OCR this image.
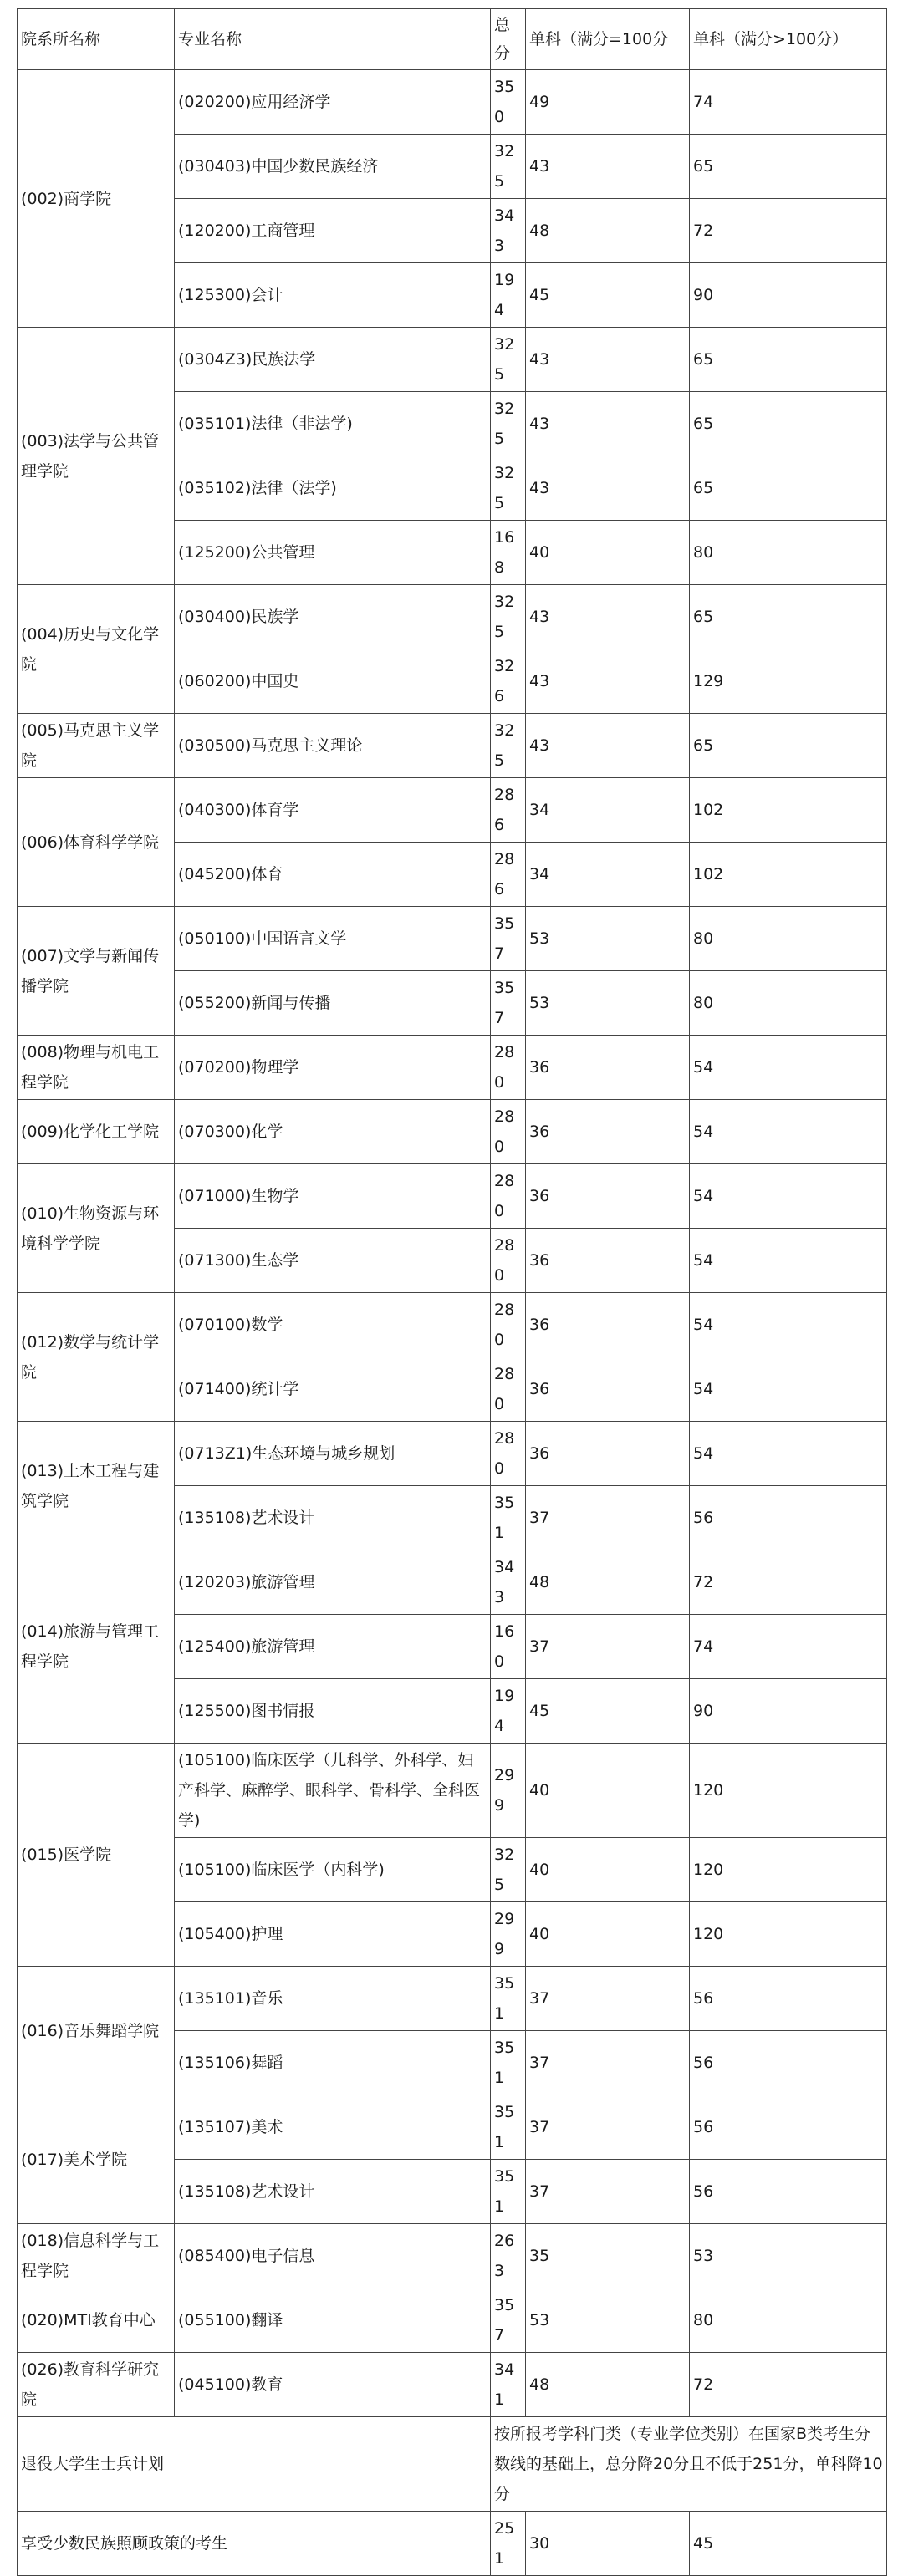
院系所名称	专业名称	总分	单科（满分=100分	单科（满分>100分）
(002)商学院	(020200)应用经济学	350	49	74
	(030403)中国少数民族经济	325	43	65
	(120200)工商管理	343	48	72
	(125300)会计	194	45	90
(003)法学与公共管理学院	(0304Z3)民族法学	325	43	65
	(035101)法律（非法学)	325	43	65
	(035102)法律（法学)	325	43	65
	(125200)公共管理	168	40	80
(004)历史与文化学院	(030400)民族学	325	43	65
	(060200)中国史	326	43	129
(005)马克思主义学院	(030500)马克思主义理论	325	43	65
(006)体育科学学院	(040300)体育学	286	34	102
	(045200)体育	286	34	102
(007)文学与新闻传播学院	(050100)中国语言文学	357	53	80
	(055200)新闻与传播	357	53	80
(008)物理与机电工程学院	(070200)物理学	280	36	54
(009)化学化工学院	(070300)化学	280	36	54
(010)生物资源与环境科学学院	(071000)生物学	280	36	54
	(071300)生态学	280	36	54
(012)数学与统计学院	(070100)数学	280	36	54
	(071400)统计学	280	36	54
(013)土木工程与建筑学院	(0713Z1)生态环境与城乡规划	280	36	54
	(135108)艺术设计	351	37	56
(014)旅游与管理工程学院	(120203)旅游管理	343	48	72
	(125400)旅游管理	160	37	74
	(125500)图书情报	194	45	90
(015)医学院	(105100)临床医学（儿科学、外科学、妇产科学、麻醉学、眼科学、骨科学、全科医学)	299	40	120
	(105100)临床医学（内科学)	325	40	120
	(105400)护理	299	40	120
(016)音乐舞蹈学院	(135101)音乐	351	37	56
	(135106)舞蹈	351	37	56
(017)美术学院	(135107)美术	351	37	56
	(135108)艺术设计	351	37	56
(018)信息科学与工程学院	(085400)电子信息	263	35	53
(020)MTI教育中心	(055100)翻译	357	53	80
(026)教育科学研究院	(045100)教育	341	48	72
退役大学生士兵计划		按所报考学科门类（专业学位类别）在国家B类考生分数线的基础上，总分降20分且不低于251分，单科降10分		
享受少数民族照顾政策的考生		251	30	45
